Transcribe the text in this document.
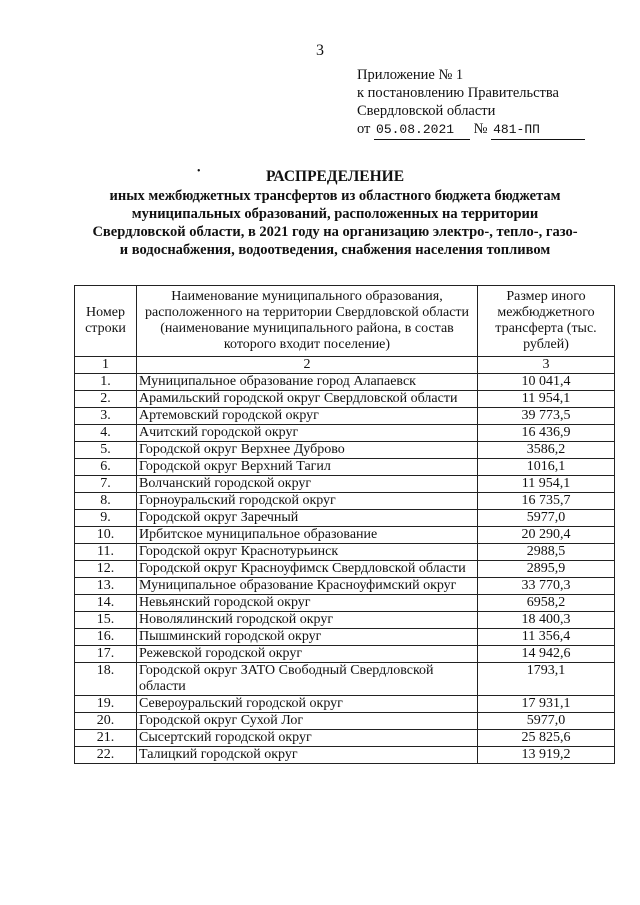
3
Приложение № 1
к постановлению Правительства
Свердловской области
от 05.08.2021 № 481-ПП
•	РАСПРЕДЕЛЕНИЕ
иных межбюджетных трансфертов из областного бюджета бюджетам
муниципальных образований, расположенных на территории
Свердловской области, в 2021 году на организацию электро-, тепло-, газо-
и водоснабжения, водоотведения, снабжения населения топливом
Номер строки	Наименование муниципального образования, расположенного на территории Свердловской области (наименование муниципального района, в состав которого входит поселение)	Размер иного межбюджетного трансферта (тыс. рублей)
1	2	3
1.	Муниципальное образование город Алапаевск	10 041,4
2.	Арамильский городской округ Свердловской области	11 954,1
3.	Артемовский городской округ	39 773,5
4.	Ачитский городской округ	16 436,9
5.	Городской округ Верхнее Дуброво	3586,2
6.	Городской округ Верхний Тагил	1016,1
7.	Волчанский городской округ	11 954,1
8.	Горноуральский городской округ	16 735,7
9.	Городской округ Заречный	5977,0
10.	Ирбитское муниципальное образование	20 290,4
11.	Городской округ Краснотурьинск	2988,5
12.	Городской округ Красноуфимск Свердловской области	2895,9
13.	Муниципальное образование Красноуфимский округ	33 770,3
14.	Невьянский городской округ	6958,2
15.	Новолялинский городской округ	18 400,3
16.	Пышминский городской округ	11 356,4
17.	Режевской городской округ	14 942,6
18.	Городской округ ЗАТО Свободный Свердловской области	1793,1
19.	Североуральский городской округ	17 931,1
20.	Городской округ Сухой Лог	5977,0
21.	Сысертский городской округ	25 825,6
22.	Талицкий городской округ	13 919,2
